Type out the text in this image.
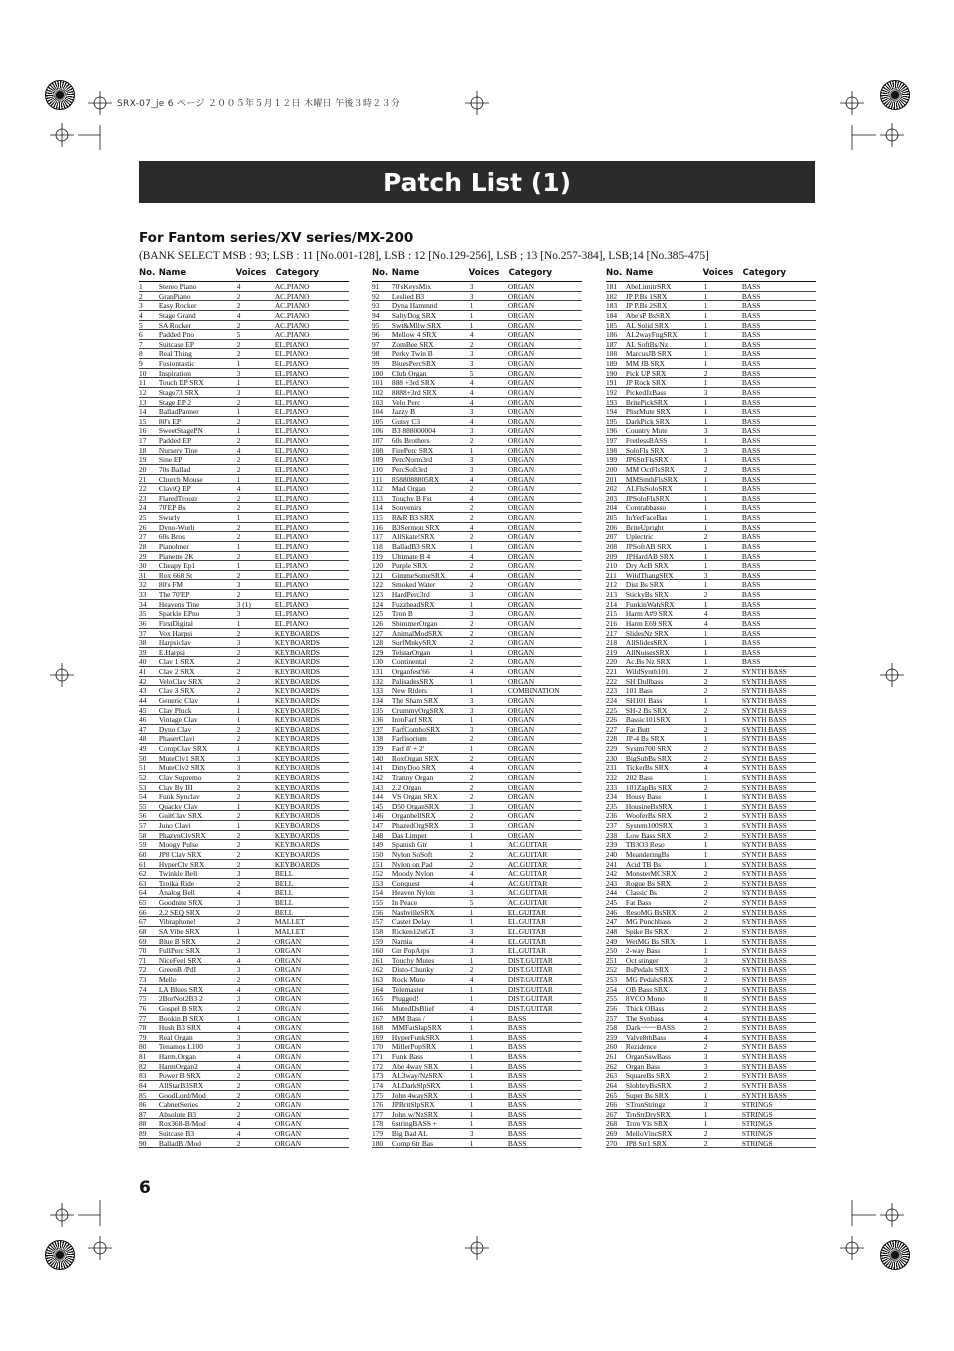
SRX-07_je 6 ページ ２００５年５月１２日 木曜日 午後３時２３分
Patch List (1)
For Fantom series/XV series/MX-200
(BANK SELECT MSB : 93; LSB : 11 [No.001-128], LSB : 12 [No.129-256], LSB ; 13 [No.257-384], LSB;14 [No.385-475]
No. Name	Voices	Category
1	Stereo Piano	4	AC.PIANO
2	GranPiano	2	AC.PIANO
3	Easy Rocker	2	AC.PIANO
4	Stage Grand	4	AC.PIANO
5	SA Rocker	2	AC.PIANO
6	Padded Pno	5	AC.PIANO
7	Suitcase EP	2	EL.PIANO
8	Real Thing	2	EL.PIANO
9	Fusiontastic	1	EL.PIANO
10	Inspiration	3	EL.PIANO
11	Touch EP SRX	1	EL.PIANO
12	Stage73 SRX	3	EL.PIANO
13	Stage EP 2	2	EL.PIANO
14	BalladPanner	1	EL.PIANO
15	80's EP	2	EL.PIANO
16	SweetStagePN	1	EL.PIANO
17	Padded EP	2	EL.PIANO
18	Nursery Tine	4	EL.PIANO
19	Sine EP	2	EL.PIANO
20	70s Ballad	2	EL.PIANO
21	Church Mouse	1	EL.PIANO
22	ClaviQ EP	4	EL.PIANO
23	FlaredTrouzr	2	EL.PIANO
24	70'EP Bs	2	EL.PIANO
25	Swurly	1	EL.PIANO
26	Dyno-Wurli	2	EL.PIANO
27	60s Bros	2	EL.PIANO
28	Pianohner	1	EL.PIANO
29	Pianette 2K	2	EL.PIANO
30	Cheapy Ep1	1	EL.PIANO
31	Rox 668 St	2	EL.PIANO
32	80's FM	3	EL.PIANO
33	The 70'EP	2	EL.PIANO
34	Heavens Tine	3 (1)	EL.PIANO
35	Sparkle EPno	3	EL.PIANO
36	FirstDigital	1	EL.PIANO
37	Vox Harpsi	2	KEYBOARDS
38	Harpsiclav	3	KEYBOARDS
39	E.Harpsi	2	KEYBOARDS
40	Clav 1 SRX	2	KEYBOARDS
41	Clav 2 SRX	2	KEYBOARDS
42	VeloClav SRX	2	KEYBOARDS
43	Clav 3 SRX	2	KEYBOARDS
44	Generic Clav	1	KEYBOARDS
45	Clav Pluck	1	KEYBOARDS
46	Vintage Clav	1	KEYBOARDS
47	Dyno Clav	2	KEYBOARDS
48	PhaserClavi	2	KEYBOARDS
49	CompClav SRX	1	KEYBOARDS
50	MuteClv1 SRX	3	KEYBOARDS
51	MuteClv2 SRX	3	KEYBOARDS
52	Clav Supremo	2	KEYBOARDS
53	Clav By III	2	KEYBOARDS
54	Funk Synclav	2	KEYBOARDS
55	Quacky Clav	1	KEYBOARDS
56	GuitClav SRX	2	KEYBOARDS
57	Juno Clavi	1	KEYBOARDS
58	PhazynClvSRX	2	KEYBOARDS
59	Moogy Pulse	2	KEYBOARDS
60	JP8 Clav SRX	2	KEYBOARDS
61	HyperClv SRX	2	KEYBOARDS
62	Twinkle Bell	3	BELL
63	Troika Ride	2	BELL
64	Analog Bell	4	BELL
65	Goodnite SRX	3	BELL
66	2.2 SEQ SRX	2	BELL
67	Vibraphone!	2	MALLET
68	SA Vibe SRX	1	MALLET
69	Blue B SRX	2	ORGAN
70	FullPerc SRX	3	ORGAN
71	NiceFeel SRX	4	ORGAN
72	GreenB /PdI	3	ORGAN
73	Mello	2	ORGAN
74	LA Blues SRX	4	ORGAN
75	2BorNot2B3 2	3	ORGAN
76	Gospel B SRX	2	ORGAN
77	Bookin B SRX	1	ORGAN
78	Hush B3 SRX	4	ORGAN
79	Real Organ	3	ORGAN
80	Tenamos L100	3	ORGAN
81	Harm.Organ	4	ORGAN
82	HarmOrgan2	4	ORGAN
83	Power B SRX	2	ORGAN
84	AllStarB3SRX	2	ORGAN
85	GoodLord/Mod	2	ORGAN
86	CabnetSeries	2	ORGAN
87	Absolute B3	2	ORGAN
88	Rox368-B/Mod	4	ORGAN
89	Suitcase B3	4	ORGAN
90	BalladB /Mod	2	ORGAN
No. Name	Voices	Category
91	70'sKeysMix	3	ORGAN
92	Leslied B3	3	ORGAN
93	Dyna Hammnd	1	ORGAN
94	SaltyDog SRX	1	ORGAN
95	Swt&Mllw SRX	1	ORGAN
96	Mellow 4 SRX	4	ORGAN
97	ZomBee SRX	2	ORGAN
98	Perky Twin B	3	ORGAN
99	BluesPercSRX	3	ORGAN
100	Club Organ	5	ORGAN
101	888 +3rd SRX	4	ORGAN
102	8888+3rd SRX	4	ORGAN
103	Velo Perc	4	ORGAN
104	Jazzy B	3	ORGAN
105	Gutsy C3	4	ORGAN
106	B3 888000004	3	ORGAN
107	60s Brothers	2	ORGAN
108	FirePerc SRX	1	ORGAN
109	PercNorm3rd	3	ORGAN
110	PercSoft3rd	3	ORGAN
111	8588088805RX	4	ORGAN
112	Mad Organ	2	ORGAN
113	Touchy B Fst	4	ORGAN
114	Souvenirs	2	ORGAN
115	R&R B3 SRX	2	ORGAN
116	B3Sermon SRX	4	ORGAN
117	AllSkate!SRX	2	ORGAN
118	BalladB3 SRX	1	ORGAN
119	Ultimate B 4	4	ORGAN
120	Purple SRX	2	ORGAN
121	GimmeSomeSRX	4	ORGAN
122	Smoked Water	2	ORGAN
123	HardPerc3rd	3	ORGAN
124	FuzzheadSRX	1	ORGAN
125	Tron B	3	ORGAN
126	ShimmerOrgan	2	ORGAN
127	AnimalModSRX	2	ORGAN
128	SurfMnkySRX	2	ORGAN
129	TelstarOrgan	1	ORGAN
130	Continental	2	ORGAN
131	Organfest'66	4	ORGAN
132	PalisadesSRX	1	ORGAN
133	New Riders	1	COMBINATION
134	The Sham SRX	3	ORGAN
135	CrummyOrgSRX	3	ORGAN
136	IronFarf SRX	1	ORGAN
137	FarfComboSRX	3	ORGAN
138	Farfisorium	2	ORGAN
139	Farf 8' + 2'	1	ORGAN
140	RoxOrgan SRX	2	ORGAN
141	DittyDoo SRX	4	ORGAN
142	Tranny Organ	2	ORGAN
143	2.2 Organ	2	ORGAN
144	VS Organ SRX	2	ORGAN
145	D50 OrganSRX	3	ORGAN
146	OrganbellSRX	2	ORGAN
147	PhazedOrgSRX	3	ORGAN
148	Das Limpet	1	ORGAN
149	Spanish Gtr	1	AC.GUITAR
150	Nylon SoSoft	2	AC.GUITAR
151	Nylon on Pad	2	AC.GUITAR
152	Moody Nylon	4	AC.GUITAR
153	Conquest	4	AC.GUITAR
154	Heaven Nylon	3	AC.GUITAR
155	In Peace	5	AC.GUITAR
156	NashvilleSRX	1	EL.GUITAR
157	Caster Delay	1	EL.GUITAR
158	Ricken12stGT	3	EL.GUITAR
159	Narnia	4	EL.GUITAR
160	Gtr PopArps	3	EL.GUITAR
161	Touchy Mutes	1	DIST.GUITAR
162	Disto-Chunky	2	DIST.GUITAR
163	Rock Mute	4	DIST.GUITAR
164	Telemaster	1	DIST.GUITAR
165	Plugged!	1	DIST.GUITAR
166	MutedDsBlief	4	DIST.GUITAR
167	MM Bass /	1	BASS
168	MMFatSlapSRX	1	BASS
169	HyperFunkSRX	1	BASS
170	MillerPopSRX	1	BASS
171	Funk Bass	1	BASS
172	Abe 4way SRX	1	BASS
173	AL3way/NzSRX	1	BASS
174	ALDarkSlpSRX	1	BASS
175	John 4waySRX	1	BASS
176	JPBritSlpSRX	1	BASS
177	John w/NzSRX	1	BASS
178	6stringBASS +	1	BASS
179	Big Bad AL	3	BASS
180	Comp 6tr Bas	1	BASS
No. Name	Voices	Category
181	AbeLimitrSRX	1	BASS
182	JP P.Bs 1SRX	1	BASS
183	JP P.Bs 2SRX	1	BASS
184	Abe'sP BsSRX	1	BASS
185	AL Solid SRX	1	BASS
186	AL2wayFngSRX	1	BASS
187	AL SoftBs/Nz	1	BASS
188	MarcusJB SRX	1	BASS
189	MM JB SRX	1	BASS
190	Pick UP SRX	2	BASS
191	JP Rock SRX	1	BASS
192	PickedJzBass	3	BASS
193	BritePickSRX	1	BASS
194	PhsrMute SRX	1	BASS
195	DarkPick SRX	1	BASS
196	Country Mute	3	BASS
197	FretlessBASS	1	BASS
198	SoloFls SRX	3	BASS
199	JP6StrFlsSRX	1	BASS
200	MM OctFlsSRX	2	BASS
201	MMSmthFlsSRX	1	BASS
202	ALFlsSoloSRX	1	BASS
203	JPSoloFlsSRX	1	BASS
204	Contrabbasso	1	BASS
205	InYerFaceBas	1	BASS
206	BriteUpright	1	BASS
207	Uplectric	2	BASS
208	JPSoftAB SRX	1	BASS
209	JPHardAB SRX	1	BASS
210	Dry AcB SRX	1	BASS
211	WildThangSRX	3	BASS
212	Dist Bs SRX	1	BASS
213	StickyBs SRX	2	BASS
214	FunkinWahSRX	1	BASS
215	Harm A#9 SRX	4	BASS
216	Harm E69 SRX	4	BASS
217	SlidesNz SRX	1	BASS
218	AllSlidesSRX	1	BASS
219	AllNoisesSRX	1	BASS
220	Ac.Bs Nz SRX	1	BASS
221	WildSynth101	2	SYNTH BASS
222	SH Dullbass	2	SYNTH BASS
223	101 Bass	2	SYNTH BASS
224	SH101 Bass	1	SYNTH BASS
225	SH-2 Bs SRX	2	SYNTH BASS
226	Bassic101SRX	1	SYNTH BASS
227	Fat Butt	2	SYNTH BASS
228	JP-4 Bs SRX	1	SYNTH BASS
229	Systm700 SRX	2	SYNTH BASS
230	BigSubBs SRX	2	SYNTH BASS
231	TickerBs SRX	4	SYNTH BASS
232	202 Bass	1	SYNTH BASS
233	101ZapBs SRX	2	SYNTH BASS
234	Housy Bass	1	SYNTH BASS
235	HousineBsSRX	1	SYNTH BASS
236	WooferBs SRX	2	SYNTH BASS
237	System100SRX	3	SYNTH BASS
238	Low Bass SRX	2	SYNTH BASS
239	TB3O3 Reso	1	SYNTH BASS
240	MeanderingBs	1	SYNTH BASS
241	Acid TB Bs	1	SYNTH BASS
242	MonsterMCSRX	2	SYNTH BASS
243	Rogue Bs SRX	2	SYNTH BASS
244	Classic Bs	2	SYNTH BASS
245	Fat Bass	2	SYNTH BASS
246	ResoMG BsSRX	2	SYNTH BASS
247	MG Punchbass	2	SYNTH BASS
248	Spike Bs SRX	2	SYNTH BASS
249	WetMG Bs SRX	1	SYNTH BASS
250	2-way Bass	1	SYNTH BASS
251	Oct stinger	3	SYNTH BASS
252	BsPedals SRX	2	SYNTH BASS
253	MG PedalsSRX	2	SYNTH BASS
254	OB Bass SRX	2	SYNTH BASS
255	8VCO Mono	8	SYNTH BASS
256	Thick OBass	2	SYNTH BASS
257	The Synbass	4	SYNTH BASS
258	Dark~~~~BASS	2	SYNTH BASS
259	Valve8thBass	4	SYNTH BASS
260	Rezidence	2	SYNTH BASS
261	OrganSawBass	3	SYNTH BASS
262	Organ Bass	3	SYNTH BASS
263	SquareBs SRX	2	SYNTH BASS
264	SlobbryBsSRX	2	SYNTH BASS
265	Super Bs SRX	1	SYNTH BASS
266	STronStringz	3	STRINGS
267	TrnStrDrySRX	1	STRINGS
268	Tron Vls SRX	1	STRINGS
269	MelloVlncSRX	2	STRINGS
270	JP8 Str1 SRX	2	STRINGS
6
